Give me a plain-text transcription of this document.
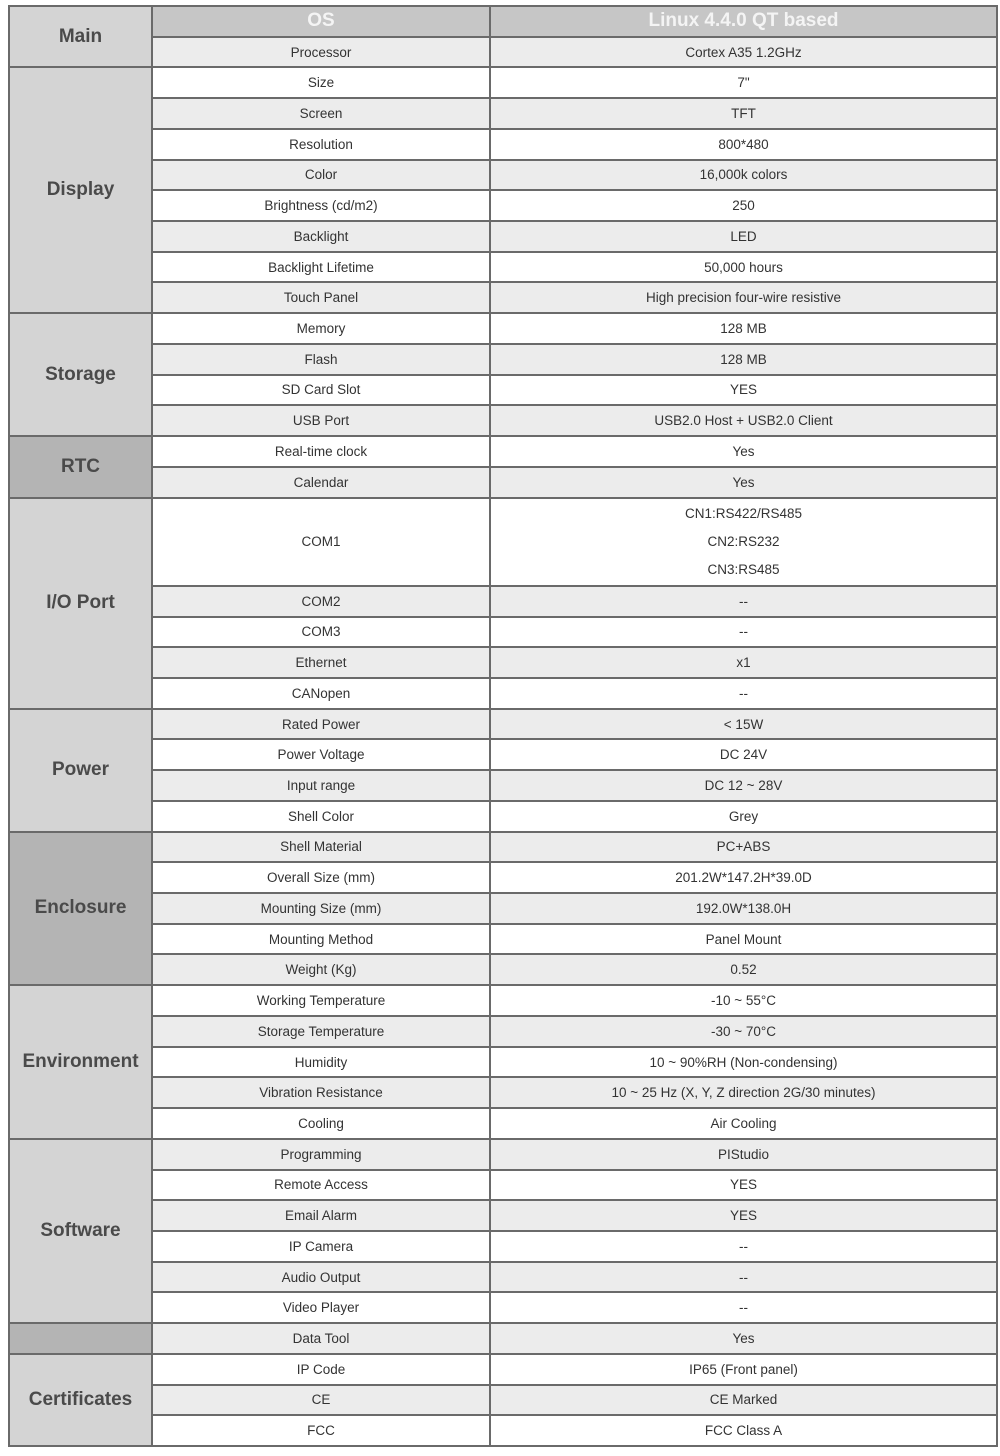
Main	OS	Linux 4.4.0 QT based
	Processor	Cortex A35 1.2GHz
Display	Size	7"
	Screen	TFT
	Resolution	800*480
	Color	16,000k colors
	Brightness (cd/m2)	250
	Backlight	LED
	Backlight Lifetime	50,000 hours
	Touch Panel	High precision four-wire resistive
Storage	Memory	128 MB
	Flash	128 MB
	SD Card Slot	YES
	USB Port	USB2.0 Host + USB2.0 Client
RTC	Real-time clock	Yes
	Calendar	Yes
I/O Port	COM1	CN1:RS422/RS485
CN2:RS232
CN3:RS485

	COM2	--
	COM3	--
	Ethernet	x1
	CANopen	--
Power	Rated Power	< 15W
	Power Voltage	DC 24V
	Input range	DC 12 ~ 28V
	Shell Color	Grey
Enclosure	Shell Material	PC+ABS
	Overall Size (mm)	201.2W*147.2H*39.0D
	Mounting Size (mm)	192.0W*138.0H
	Mounting Method	Panel Mount
	Weight (Kg)	0.52
Environment	Working Temperature	-10 ~ 55°C
	Storage Temperature	-30 ~ 70°C
	Humidity	10 ~ 90%RH (Non-condensing)
	Vibration Resistance	10 ~ 25 Hz (X, Y, Z direction 2G/30 minutes)
	Cooling	Air Cooling
Software	Programming	PIStudio
	Remote Access	YES
	Email Alarm	YES
	IP Camera	--
	Audio Output	--
	Video Player	--
	Data Tool	Yes
Certificates	IP Code	IP65 (Front panel)
	CE	CE Marked
	FCC	FCC Class A
